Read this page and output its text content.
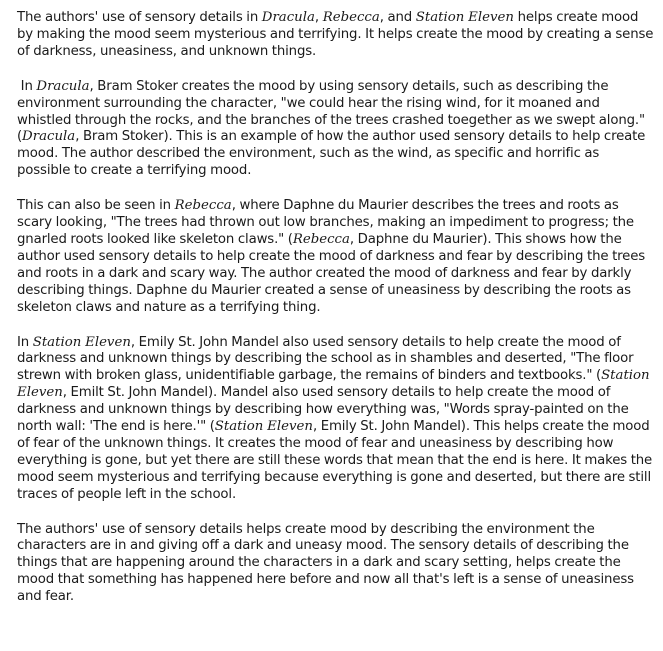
The authors' use of sensory details in Dracula, Rebecca, and Station Eleven helps create mood by making the mood seem mysterious and terrifying. It helps create the mood by creating a sense of darkness, uneasiness, and unknown things.

In Dracula, Bram Stoker creates the mood by using sensory details, such as describing the environment surrounding the character, "we could hear the rising wind, for it moaned and whistled through the rocks, and the branches of the trees crashed toegether as we swept along." (Dracula, Bram Stoker). This is an example of how the author used sensory details to help create mood. The author described the environment, such as the wind, as specific and horrific as possible to create a terrifying mood.

This can also be seen in Rebecca, where Daphne du Maurier describes the trees and roots as scary looking, "The trees had thrown out low branches, making an impediment to progress; the gnarled roots looked like skeleton claws." (Rebecca, Daphne du Maurier). This shows how the author used sensory details to help create the mood of darkness and fear by describing the trees and roots in a dark and scary way. The author created the mood of darkness and fear by darkly describing things. Daphne du Maurier created a sense of uneasiness by describing the roots as skeleton claws and nature as a terrifying thing.

In Station Eleven, Emily St. John Mandel also used sensory details to help create the mood of darkness and unknown things by describing the school as in shambles and deserted, "The floor strewn with broken glass, unidentifiable garbage, the remains of binders and textbooks." (Station Eleven, Emilt St. John Mandel). Mandel also used sensory details to help create the mood of darkness and unknown things by describing how everything was, "Words spray-painted on the north wall: 'The end is here.'" (Station Eleven, Emily St. John Mandel). This helps create the mood of fear of the unknown things. It creates the mood of fear and uneasiness by describing how everything is gone, but yet there are still these words that mean that the end is here. It makes the mood seem mysterious and terrifying because everything is gone and deserted, but there are still traces of people left in the school.

The authors' use of sensory details helps create mood by describing the environment the characters are in and giving off a dark and uneasy mood. The sensory details of describing the things that are happening around the characters in a dark and scary setting, helps create the mood that something has happened here before and now all that's left is a sense of uneasiness and fear.
